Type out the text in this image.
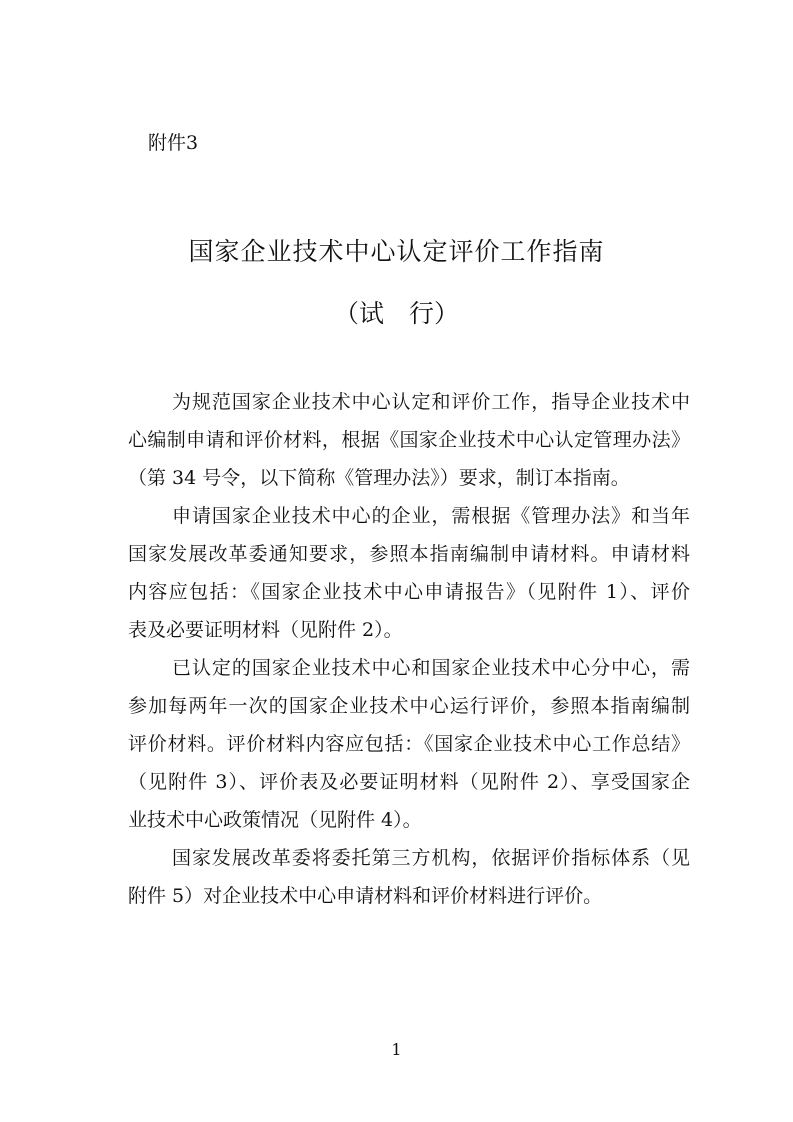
附件3
国家企业技术中心认定评价工作指南
（试　行）
为规范国家企业技术中心认定和评价工作，指导企业技术中
心编制申请和评价材料，根据《国家企业技术中心认定管理办法》
（第 34 号令，以下简称《管理办法》）要求，制订本指南。
申请国家企业技术中心的企业，需根据《管理办法》和当年
国家发展改革委通知要求，参照本指南编制申请材料。申请材料
内容应包括：《国家企业技术中心申请报告》（见附件 1）、评价
表及必要证明材料（见附件 2）。
已认定的国家企业技术中心和国家企业技术中心分中心，需
参加每两年一次的国家企业技术中心运行评价，参照本指南编制
评价材料。评价材料内容应包括：《国家企业技术中心工作总结》
（见附件 3）、评价表及必要证明材料（见附件 2）、享受国家企
业技术中心政策情况（见附件 4）。
国家发展改革委将委托第三方机构，依据评价指标体系（见
附件 5）对企业技术中心申请材料和评价材料进行评价。
1
